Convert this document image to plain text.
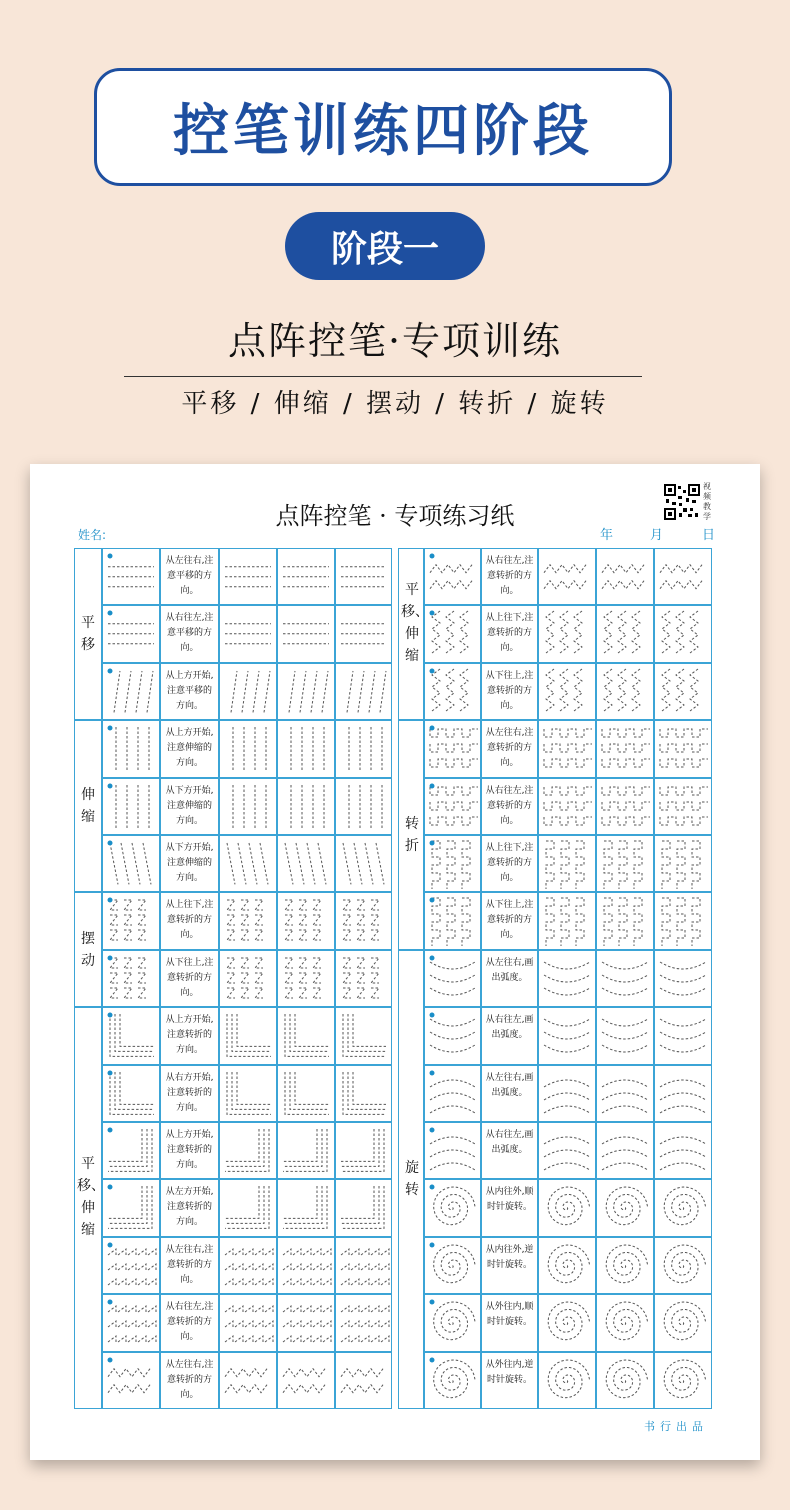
控笔训练四阶段
阶段一
点阵控笔·专项训练
平移 / 伸缩 / 摆动 / 转折 / 旋转
点阵控笔 · 专项练习纸
视频教学
姓名:	年	月	日
平移
从左往右,注意平移的方向。
从右往左,注意平移的方向。
从上方开始,注意平移的方向。
伸缩
从上方开始,注意伸缩的方向。
从下方开始,注意伸缩的方向。
从下方开始,注意伸缩的方向。
摆动
从上往下,注意转折的方向。
从下往上,注意转折的方向。
平移、伸缩
从上方开始,注意转折的方向。
从右方开始,注意转折的方向。
从上方开始,注意转折的方向。
从左方开始,注意转折的方向。
从左往右,注意转折的方向。
从右往左,注意转折的方向。
从左往右,注意转折的方向。
平移、伸缩
从右往左,注意转折的方向。
从上往下,注意转折的方向。
从下往上,注意转折的方向。
转折
从左往右,注意转折的方向。
从右往左,注意转折的方向。
从上往下,注意转折的方向。
从下往上,注意转折的方向。
旋转
从左往右,画出弧度。
从右往左,画出弧度。
从左往右,画出弧度。
从右往左,画出弧度。
从内往外,顺时针旋转。
从内往外,逆时针旋转。
从外往内,顺时针旋转。
从外往内,逆时针旋转。
书行出品
